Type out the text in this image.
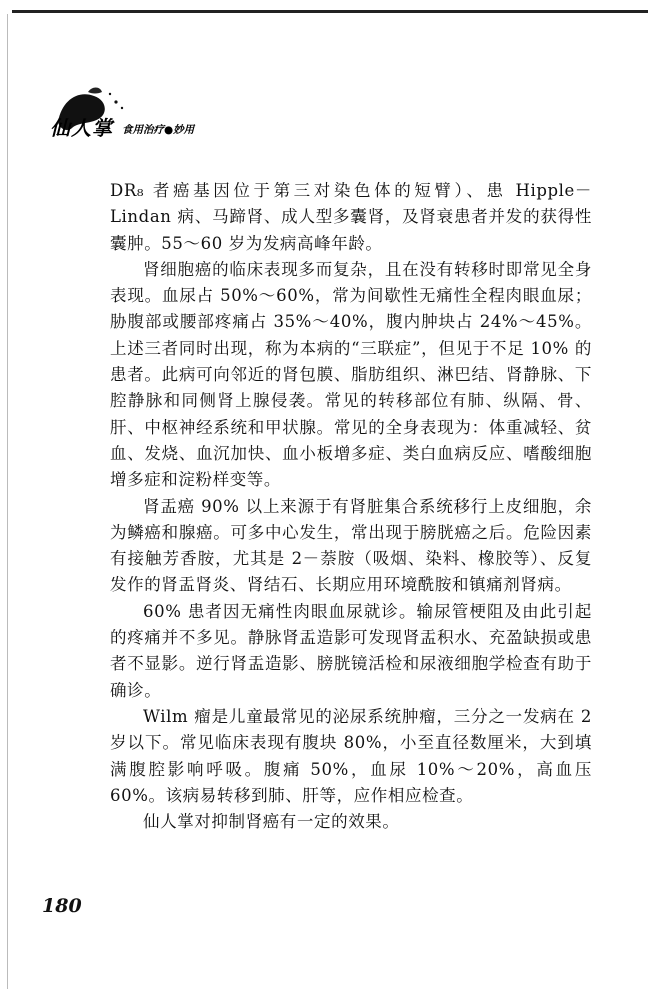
仙人掌 食用治疗●妙用

DR₈ 者癌基因位于第三对染色体的短臂）、患 Hipple－Lindan 病、马蹄肾、成人型多囊肾，及肾衰患者并发的获得性囊肿。55～60 岁为发病高峰年龄。

肾细胞癌的临床表现多而复杂，且在没有转移时即常见全身表现。血尿占 50%～60%，常为间歇性无痛性全程肉眼血尿；胁腹部或腰部疼痛占 35%～40%，腹内肿块占 24%～45%。上述三者同时出现，称为本病的“三联症”，但见于不足 10% 的患者。此病可向邻近的肾包膜、脂肪组织、淋巴结、肾静脉、下腔静脉和同侧肾上腺侵袭。常见的转移部位有肺、纵隔、骨、肝、中枢神经系统和甲状腺。常见的全身表现为：体重减轻、贫血、发烧、血沉加快、血小板增多症、类白血病反应、嗜酸细胞增多症和淀粉样变等。

肾盂癌 90% 以上来源于有肾脏集合系统移行上皮细胞，余为鳞癌和腺癌。可多中心发生，常出现于膀胱癌之后。危险因素有接触芳香胺，尤其是 2－萘胺（吸烟、染料、橡胶等）、反复发作的肾盂肾炎、肾结石、长期应用环境酰胺和镇痛剂肾病。

60% 患者因无痛性肉眼血尿就诊。输尿管梗阻及由此引起的疼痛并不多见。静脉肾盂造影可发现肾盂积水、充盈缺损或患者不显影。逆行肾盂造影、膀胱镜活检和尿液细胞学检查有助于确诊。

Wilm 瘤是儿童最常见的泌尿系统肿瘤，三分之一发病在 2 岁以下。常见临床表现有腹块 80%，小至直径数厘米，大到填满腹腔影响呼吸。腹痛 50%，血尿 10%～20%，高血压 60%。该病易转移到肺、肝等，应作相应检查。

仙人掌对抑制肾癌有一定的效果。

180
